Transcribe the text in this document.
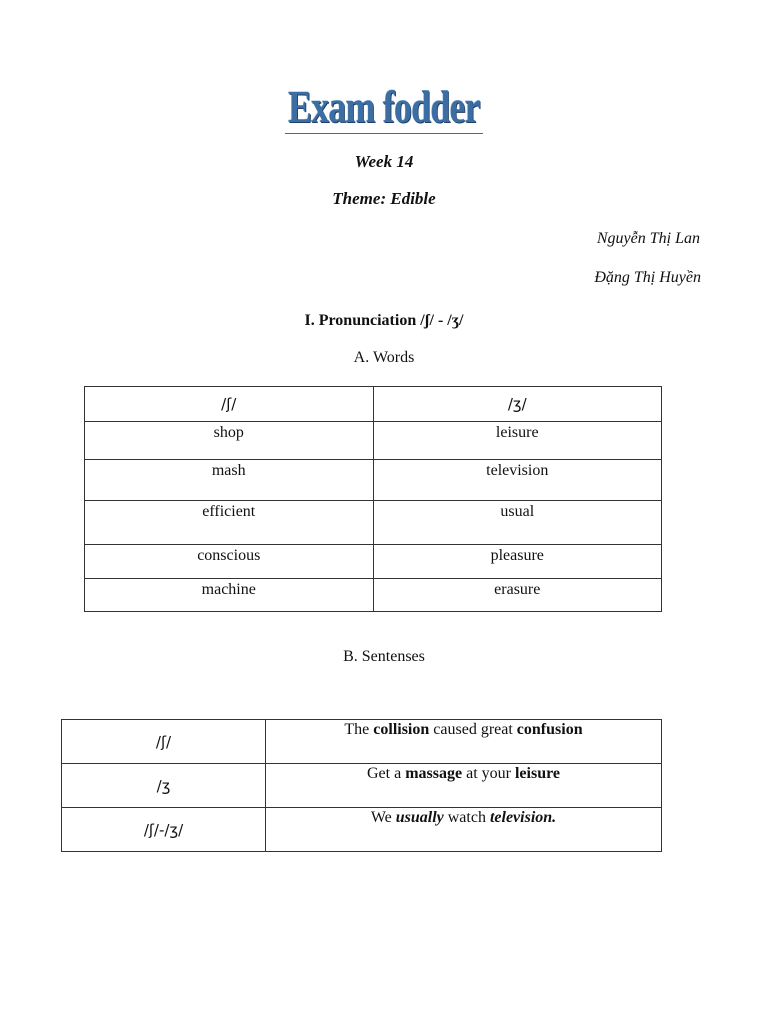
Exam fodder
Week 14
Theme: Edible
Nguyễn Thị Lan
Đặng Thị Huyền
I. Pronunciation /ʃ/ - /ʒ/
A. Words
/ʃ/	/ʒ/

shop	leisure

mash	television

efficient	usual

conscious	pleasure

machine	erasure
B. Sentenses
/ʃ/	The collision caused great confusion
/ʒ	Get a massage at your leisure
/ʃ/-/ʒ/	We usually watch television.
